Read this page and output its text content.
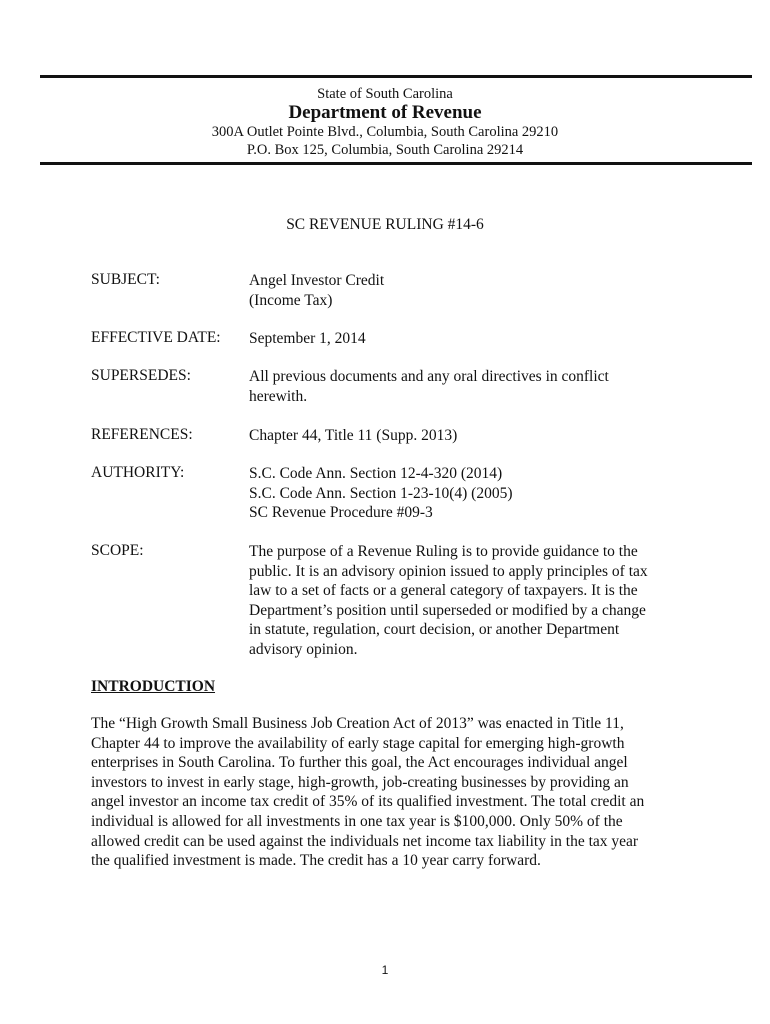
State of South Carolina
Department of Revenue
300A Outlet Pointe Blvd., Columbia, South Carolina 29210
P.O. Box 125, Columbia, South Carolina 29214
SC REVENUE RULING #14-6
SUBJECT:	Angel Investor Credit
(Income Tax)
EFFECTIVE DATE: September 1, 2014
SUPERSEDES:	All previous documents and any oral directives in conflict
herewith.
REFERENCES:	Chapter 44, Title 11 (Supp. 2013)
AUTHORITY:	S.C. Code Ann. Section 12-4-320 (2014)
S.C. Code Ann. Section 1-23-10(4) (2005)
SC Revenue Procedure #09-3
SCOPE:	The purpose of a Revenue Ruling is to provide guidance to the
public. It is an advisory opinion issued to apply principles of tax
law to a set of facts or a general category of taxpayers. It is the
Department’s position until superseded or modified by a change
in statute, regulation, court decision, or another Department
advisory opinion.
INTRODUCTION
The “High Growth Small Business Job Creation Act of 2013” was enacted in Title 11,
Chapter 44 to improve the availability of early stage capital for emerging high-growth
enterprises in South Carolina. To further this goal, the Act encourages individual angel
investors to invest in early stage, high-growth, job-creating businesses by providing an
angel investor an income tax credit of 35% of its qualified investment. The total credit an
individual is allowed for all investments in one tax year is $100,000. Only 50% of the
allowed credit can be used against the individuals net income tax liability in the tax year
the qualified investment is made. The credit has a 10 year carry forward.
1
